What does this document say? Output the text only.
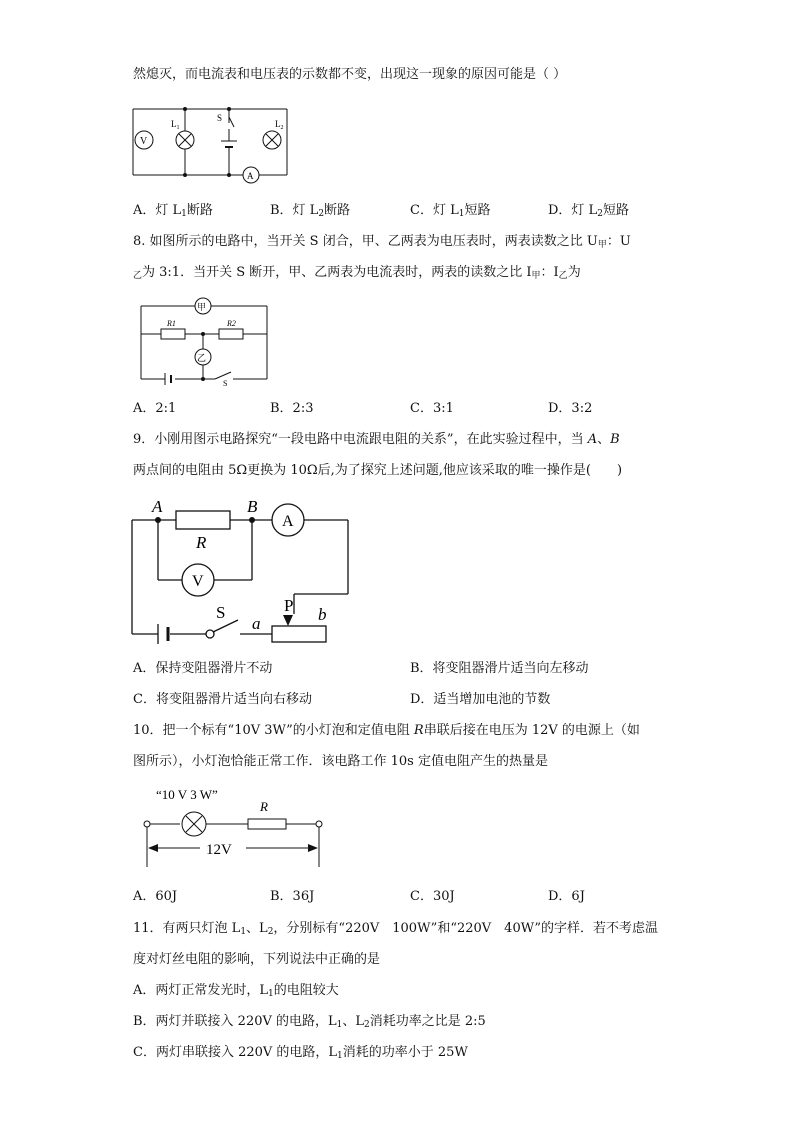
然熄灭，而电流表和电压表的示数都不变，出现这一现象的原因可能是（ ）
V
A
$L_1$	$L_2$
S
A．灯 $L_1$断路	B．灯 $L_2$断路	C．灯 $L_1$短路	D．灯 $L_2$短路
8. 如图所示的电路中，当开关 S 闭合，甲、乙两表为电压表时，两表读数之比 $U_甲$：U
$_乙$为 3:1．当开关 S 断开，甲、乙两表为电流表时，两表的读数之比 $I_甲$：$I_乙$为
甲
乙
R1	R2
S
A．2:1	B．2:3	C．3:1	D．3:2
9．小刚用图示电路探究“一段电路中电流跟电阻的关系”，在此实验过程中，当 A、B
两点间的电阻由 5Ω更换为 10Ω后,为了探究上述问题,他应该采取的唯一操作是(　　)
A	B
R
A
V
S	P
a	b
A．保持变阻器滑片不动	B．将变阻器滑片适当向左移动
C．将变阻器滑片适当向右移动	D．适当增加电池的节数
10．把一个标有“10V 3W”的小灯泡和定值电阻 R串联后接在电压为 12V 的电源上（如
图所示），小灯泡恰能正常工作．该电路工作 10s 定值电阻产生的热量是
“10 V 3 W”
R
12V
A．60J	B．36J	C．30J	D．6J
11．有两只灯泡 $L_1$、$L_2$，分别标有“220V　100W”和“220V　40W”的字样．若不考虑温
度对灯丝电阻的影响，下列说法中正确的是
A．两灯正常发光时，$L_1$的电阻较大
B．两灯并联接入 220V 的电路，$L_1$、$L_2$消耗功率之比是 2:5
C．两灯串联接入 220V 的电路，$L_1$消耗的功率小于 25W
